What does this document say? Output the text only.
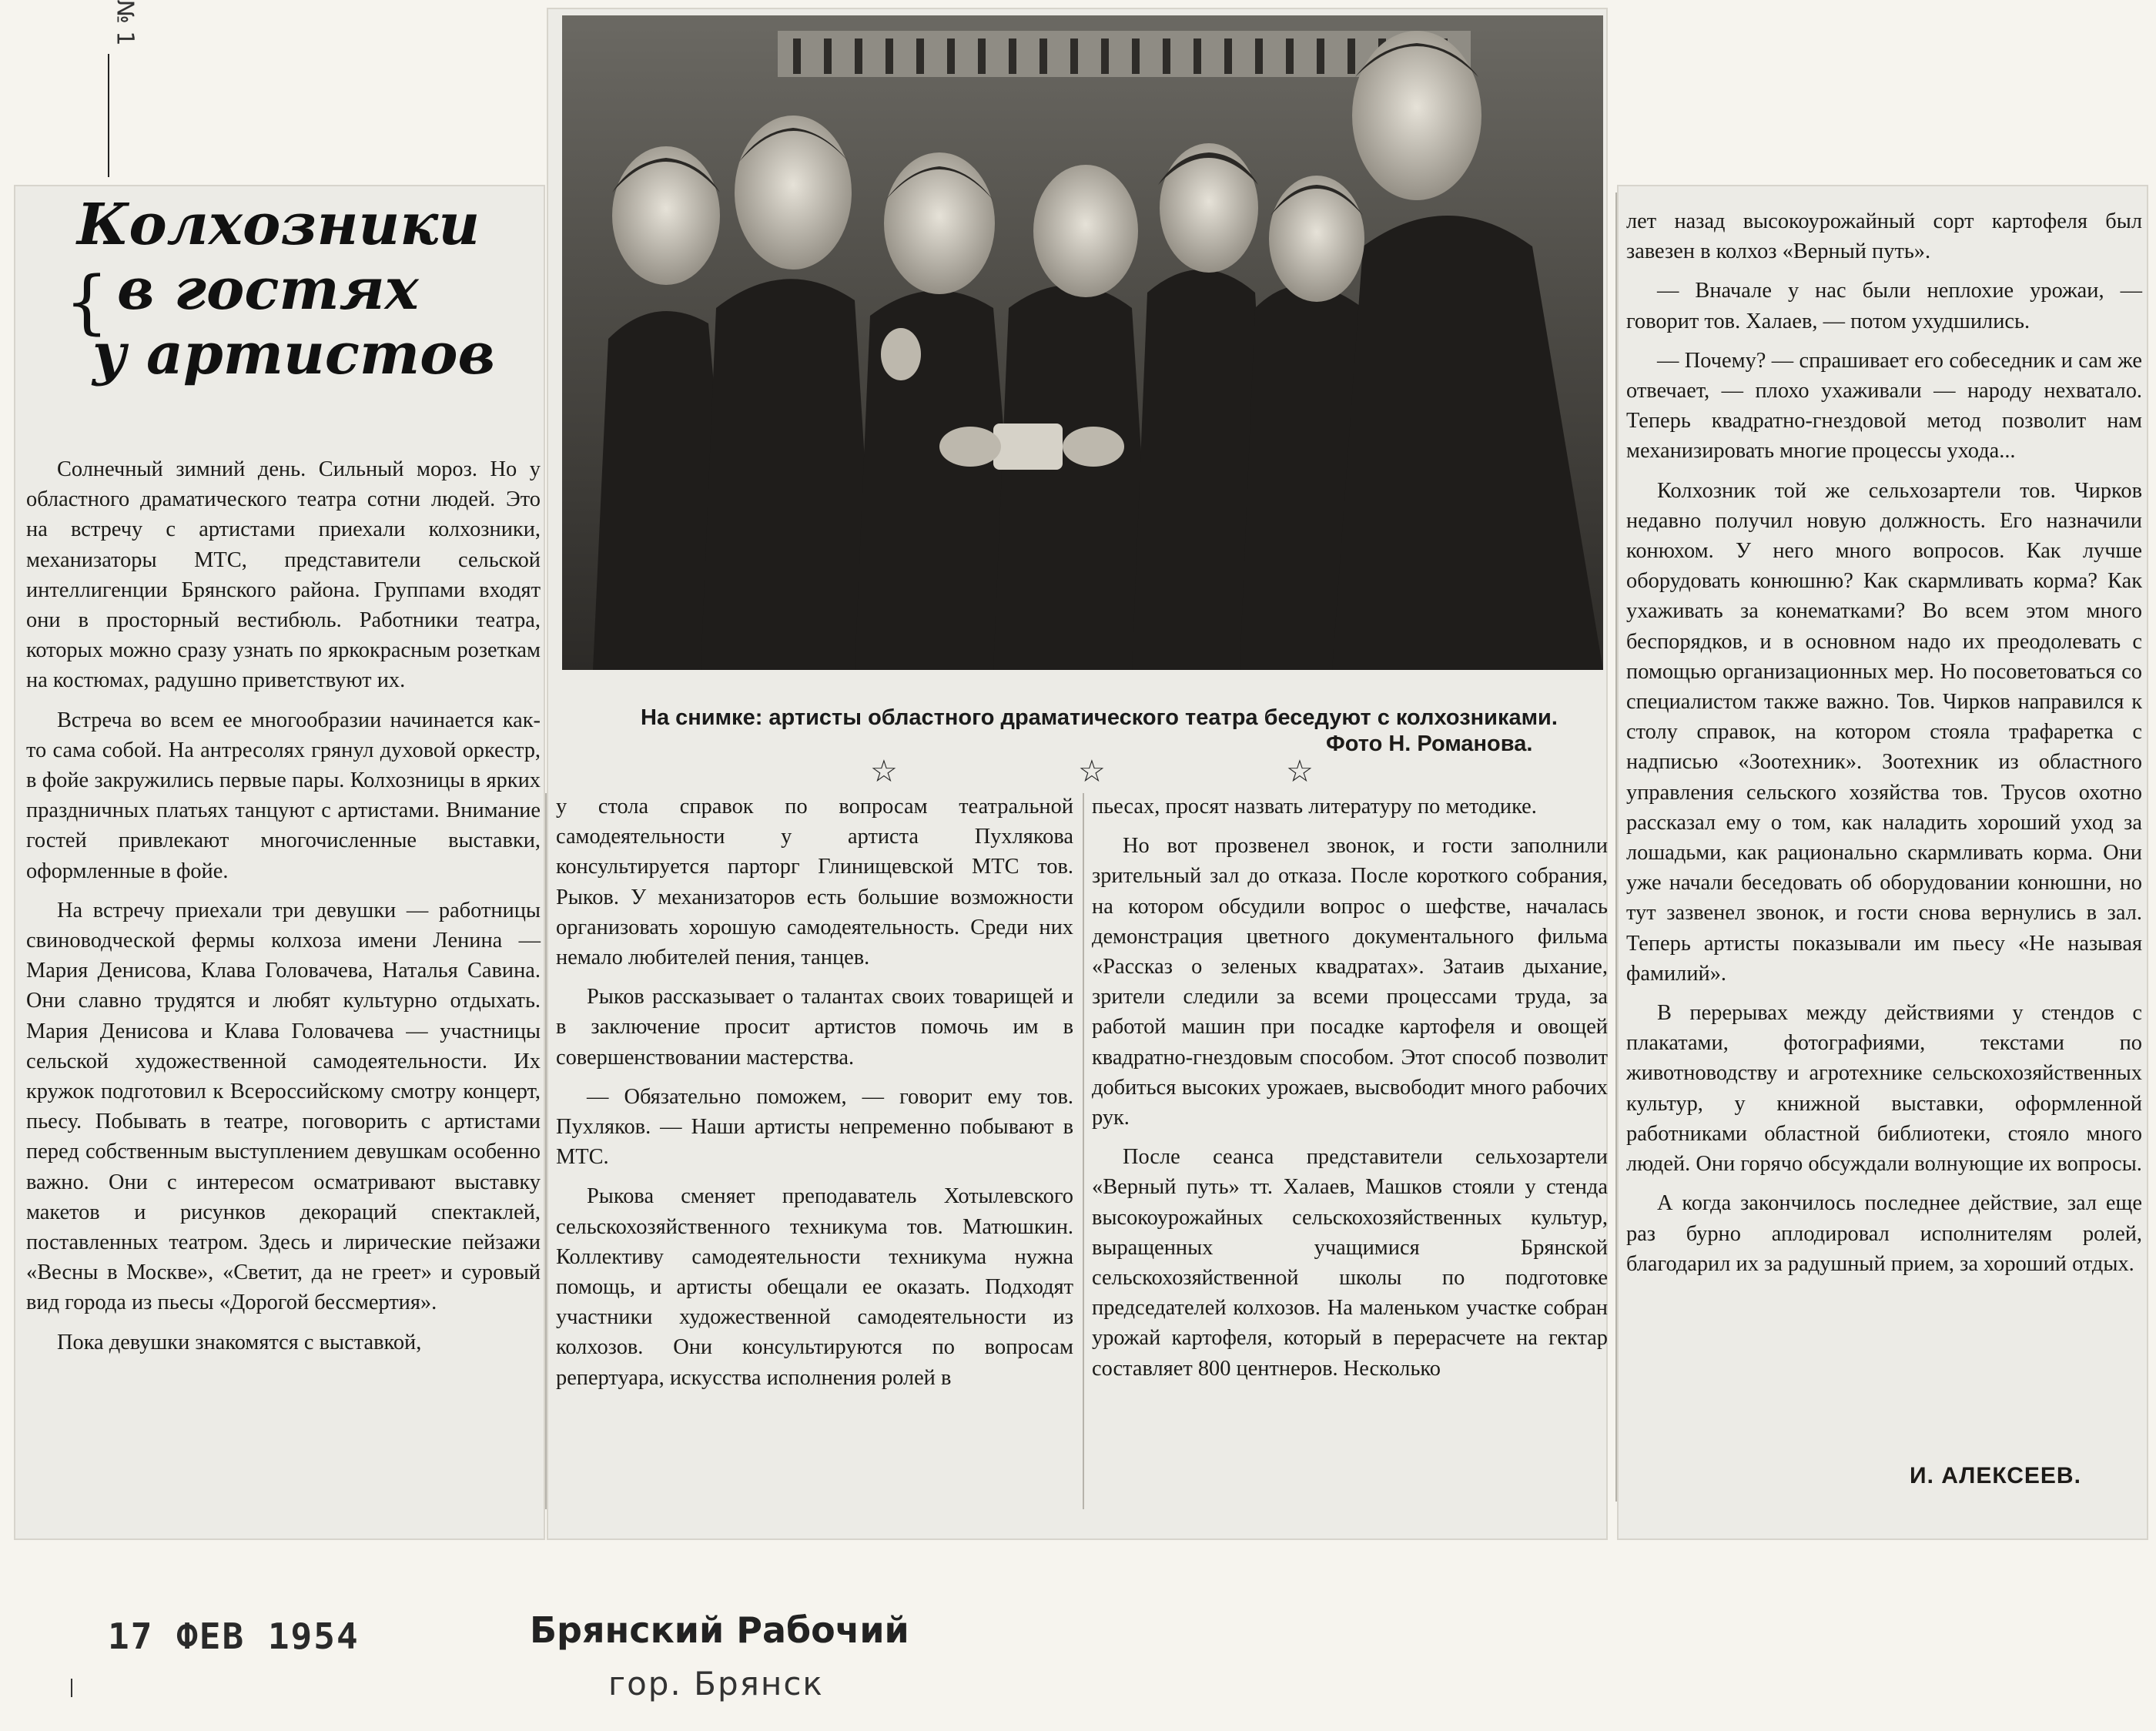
№ 1
Колхозники
в гостях
у артистов
{
На снимке: артисты областного драматического театра беседуют с колхозниками.
Фото Н. Романова.
☆	☆	☆

Солнечный зимний день. Сильный мороз. Но у областного драматического театра сотни людей. Это на встречу с артистами приехали колхозники, механизаторы МТС, представители сельской интеллигенции Брянского района. Группами входят они в просторный вестибюль. Работники театра, которых можно сразу узнать по яркокрасным розеткам на костюмах, радушно приветствуют их.

Встреча во всем ее многообразии начинается как-то сама собой. На антресолях грянул духовой оркестр, в фойе закружились первые пары. Колхозницы в ярких праздничных платьях танцуют с артистами. Внимание гостей привлекают многочисленные выставки, оформленные в фойе.

На встречу приехали три девушки — работницы свиноводческой фермы колхоза имени Ленина — Мария Денисова, Клава Головачева, Наталья Савина. Они славно трудятся и любят культурно отдыхать. Мария Денисова и Клава Головачева — участницы сельской художественной самодеятельности. Их кружок подготовил к Всероссийскому смотру концерт, пьесу. Побывать в театре, поговорить с артистами перед собственным выступлением девушкам особенно важно. Они с интересом осматривают выставку макетов и рисунков декораций спектаклей, поставленных театром. Здесь и лирические пейзажи «Весны в Москве», «Светит, да не греет» и суровый вид города из пьесы «Дорогой бессмертия».

Пока девушки знакомятся с выставкой,

у стола справок по вопросам театральной самодеятельности у артиста Пухлякова консультируется парторг Глинищевской МТС тов. Рыков. У механизаторов есть большие возможности организовать хорошую самодеятельность. Среди них немало любителей пения, танцев.

Рыков рассказывает о талантах своих товарищей и в заключение просит артистов помочь им в совершенствовании мастерства.

— Обязательно поможем, — говорит ему тов. Пухляков. — Наши артисты непременно побывают в МТС.

Рыкова сменяет преподаватель Хотылевского сельскохозяйственного техникума тов. Матюшкин. Коллективу самодеятельности техникума нужна помощь, и артисты обещали ее оказать. Подходят участники художественной самодеятельности из колхозов. Они консультируются по вопросам репертуара, искусства исполнения ролей в

пьесах, просят назвать литературу по методике.

Но вот прозвенел звонок, и гости заполнили зрительный зал до отказа. После короткого собрания, на котором обсудили вопрос о шефстве, началась демонстрация цветного документального фильма «Рассказ о зеленых квадратах». Затаив дыхание, зрители следили за всеми процессами труда, за работой машин при посадке картофеля и овощей квадратно-гнездовым способом. Этот способ позволит добиться высоких урожаев, высвободит много рабочих рук.

После сеанса представители сельхозартели «Верный путь» тт. Халаев, Машков стояли у стенда высокоурожайных сельскохозяйственных культур, выращенных учащимися Брянской сельскохозяйственной школы по подготовке председателей колхозов. На маленьком участке собран урожай картофеля, который в перерасчете на гектар составляет 800 центнеров. Несколько

лет назад высокоурожайный сорт картофеля был завезен в колхоз «Верный путь».

— Вначале у нас были неплохие урожаи, — говорит тов. Халаев, — потом ухудшились.

— Почему? — спрашивает его собеседник и сам же отвечает, — плохо ухаживали — народу нехватало. Теперь квадратно-гнездовой метод позволит нам механизировать многие процессы ухода...

Колхозник той же сельхозартели тов. Чирков недавно получил новую должность. Его назначили конюхом. У него много вопросов. Как лучше оборудовать конюшню? Как скармливать корма? Как ухаживать за конематками? Во всем этом много беспорядков, и в основном надо их преодолевать с помощью организационных мер. Но посоветоваться со специалистом также важно. Тов. Чирков направился к столу справок, на котором стояла трафаретка с надписью «Зоотехник». Зоотехник из областного управления сельского хозяйства тов. Трусов охотно рассказал ему о том, как наладить хороший уход за лошадьми, как рационально скармливать корма. Они уже начали беседовать об оборудовании конюшни, но тут зазвенел звонок, и гости снова вернулись в зал. Теперь артисты показывали им пьесу «Не называя фамилий».

В перерывах между действиями у стендов с плакатами, фотографиями, текстами по животноводству и агротехнике сельскохозяйственных культур, у книжной выставки, оформленной работниками областной библиотеки, стояло много людей. Они горячо обсуждали волнующие их вопросы.

А когда закончилось последнее действие, зал еще раз бурно аплодировал исполнителям ролей, благодарил их за радушный прием, за хороший отдых.

И. АЛЕКСЕЕВ.
17 ФЕВ 1954	Брянский Рабочий
гор. Брянск
